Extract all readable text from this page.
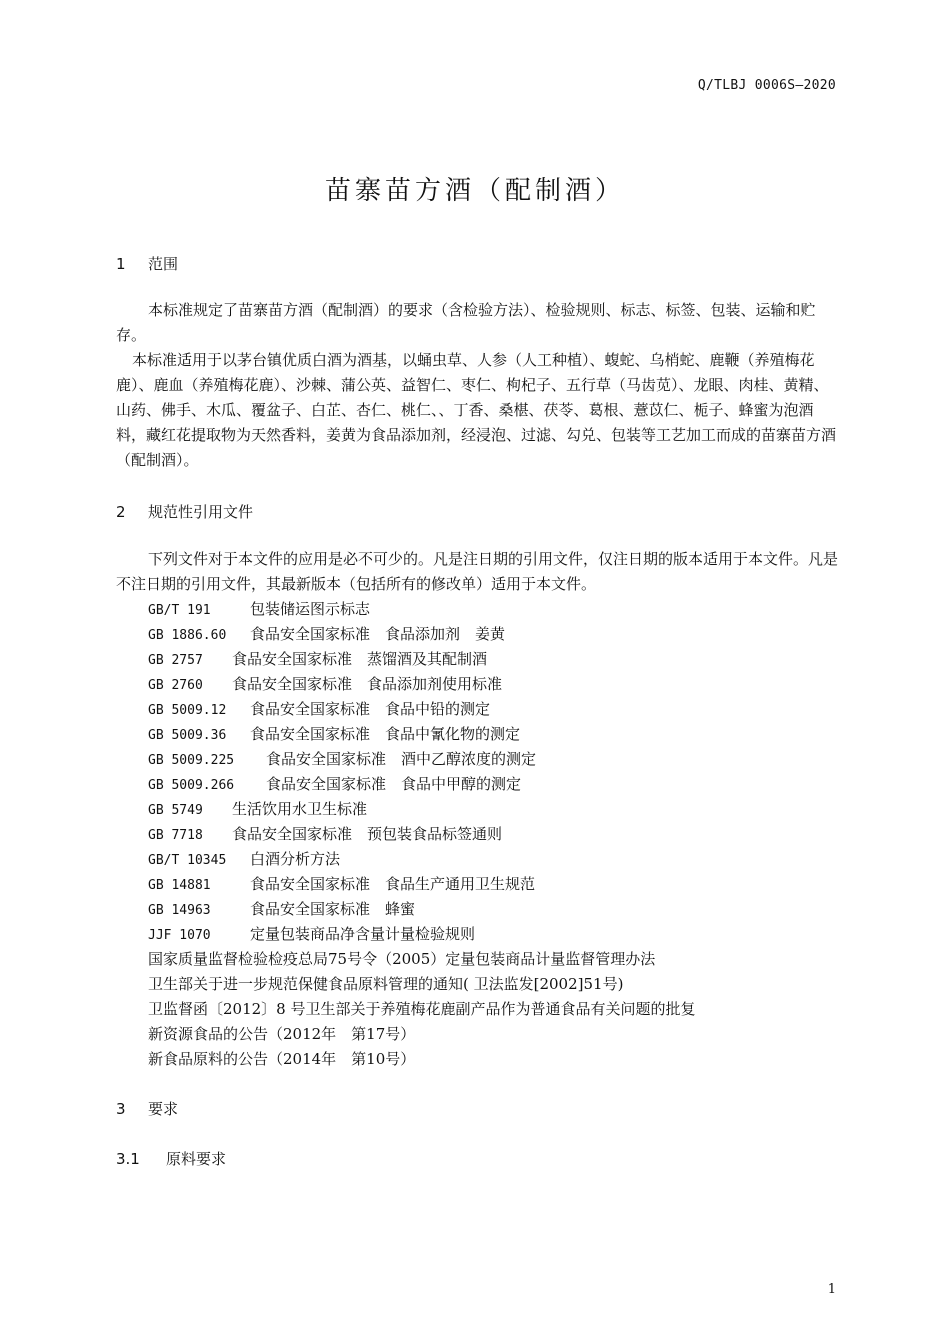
Q/TLBJ 0006S—2020
苗寨苗方酒（配制酒）
1 范围

本标准规定了苗寨苗方酒（配制酒）的要求（含检验方法）、检验规则、标志、标签、包装、运输和贮存。

本标准适用于以茅台镇优质白酒为酒基，以蛹虫草、人参（人工种植）、蝮蛇、乌梢蛇、鹿鞭（养殖梅花鹿）、鹿血（养殖梅花鹿）、沙棘、蒲公英、益智仁、枣仁、枸杞子、五行草（马齿苋）、龙眼、肉桂、黄精、山药、佛手、木瓜、覆盆子、白芷、杏仁、桃仁、、丁香、桑椹、茯苓、葛根、薏苡仁、栀子、蜂蜜为泡酒料，藏红花提取物为天然香料，姜黄为食品添加剂，经浸泡、过滤、勾兑、包装等工艺加工而成的苗寨苗方酒（配制酒）。

2 规范性引用文件

下列文件对于本文件的应用是必不可少的。凡是注日期的引用文件，仅注日期的版本适用于本文件。凡是不注日期的引用文件，其最新版本（包括所有的修改单）适用于本文件。

GB/T 191	包装储运图示标志
GB 1886.60 食品安全国家标准　食品添加剂　姜黄
GB 2757 食品安全国家标准　蒸馏酒及其配制酒
GB 2760 食品安全国家标准　食品添加剂使用标准
GB 5009.12 食品安全国家标准　食品中铅的测定
GB 5009.36 食品安全国家标准　食品中氰化物的测定
GB 5009.225 食品安全国家标准　酒中乙醇浓度的测定
GB 5009.266 食品安全国家标准　食品中甲醇的测定
GB 5749 生活饮用水卫生标准
GB 7718 食品安全国家标准　预包装食品标签通则
GB/T 10345 白酒分析方法
GB 14881	食品安全国家标准　食品生产通用卫生规范
GB 14963	食品安全国家标准　蜂蜜
JJF 1070	定量包装商品净含量计量检验规则
国家质量监督检验检疫总局75号令（2005）定量包装商品计量监督管理办法
卫生部关于进一步规范保健食品原料管理的通知( 卫法监发[2002]51号)
卫监督函〔2012〕8 号卫生部关于养殖梅花鹿副产品作为普通食品有关问题的批复
新资源食品的公告（2012年　第17号）
新食品原料的公告（2014年　第10号）
3 要求
3.1 原料要求
1
